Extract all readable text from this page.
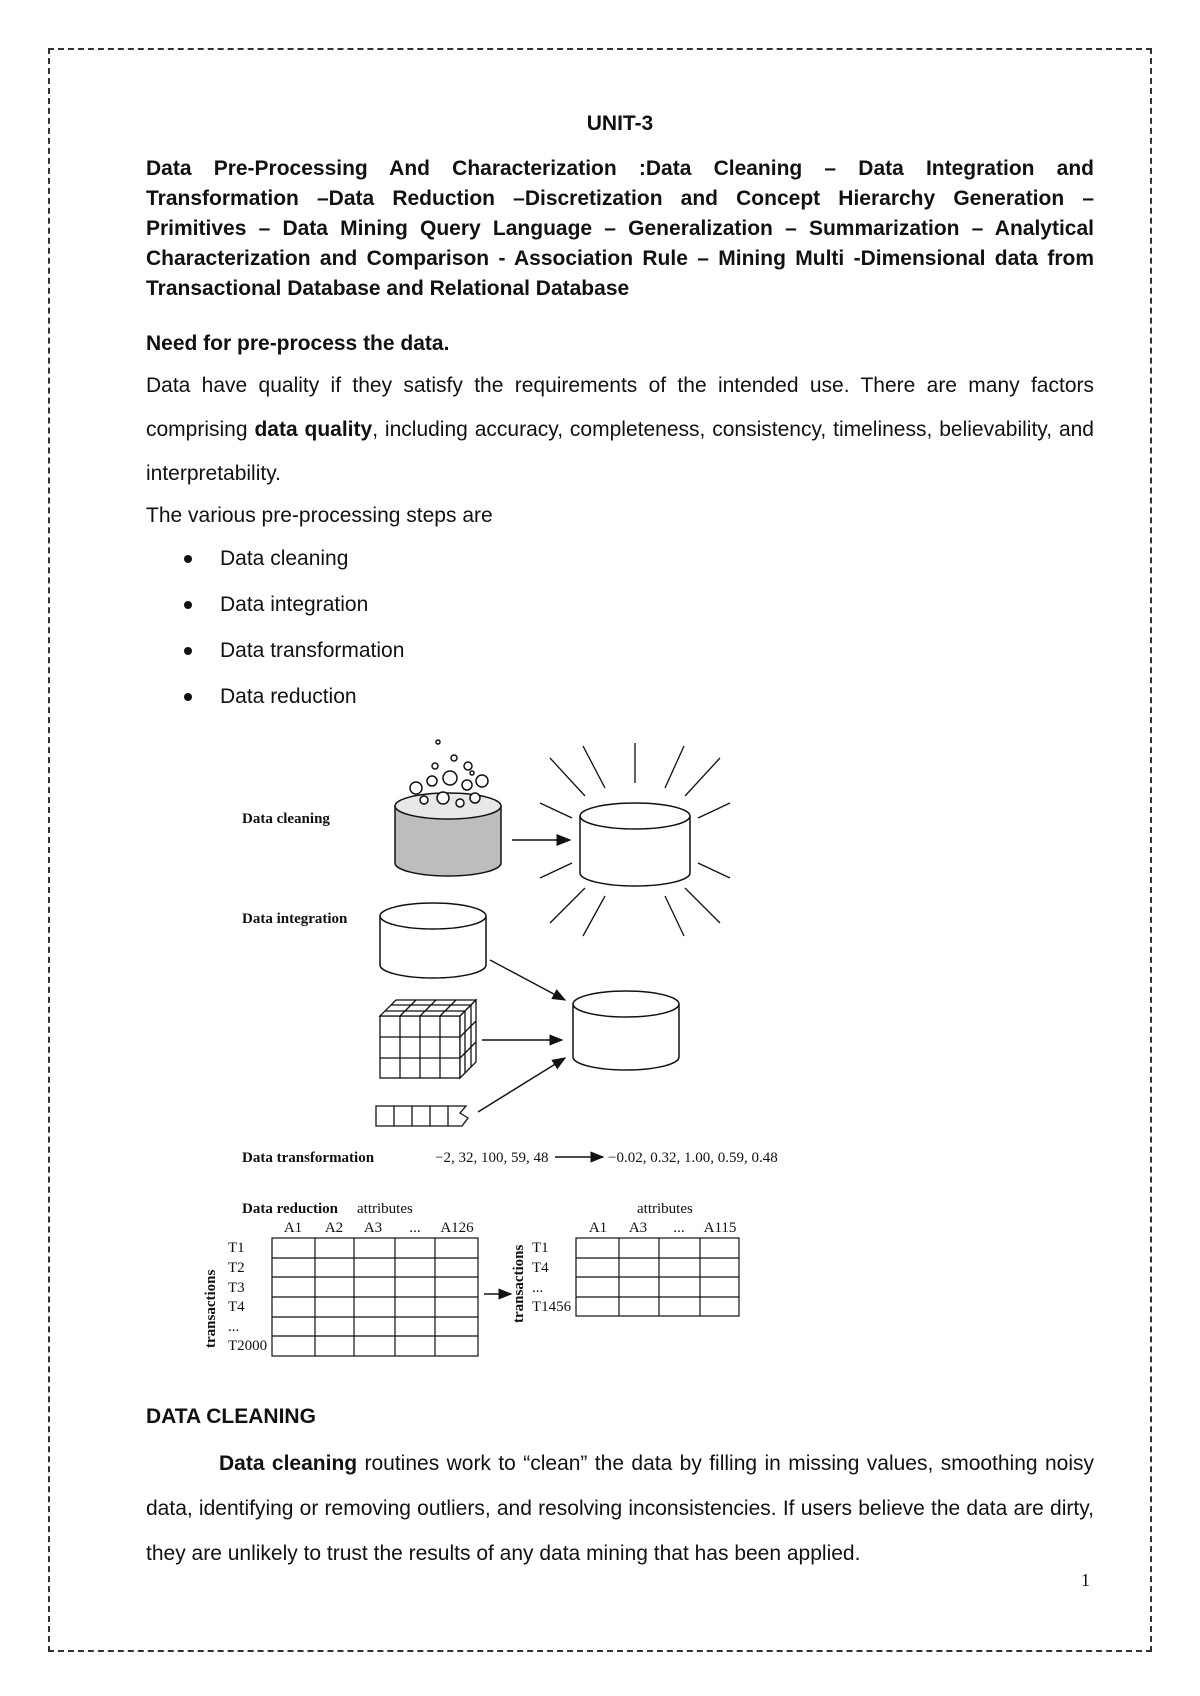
UNIT-3

Data Pre-Processing And Characterization :Data Cleaning – Data Integration and Transformation –Data Reduction –Discretization and Concept Hierarchy Generation – Primitives – Data Mining Query Language – Generalization – Summarization – Analytical Characterization and Comparison - Association Rule – Mining Multi -Dimensional data from Transactional Database and Relational Database

Need for pre-process the data.

Data have quality if they satisfy the requirements of the intended use. There are many factors comprising data quality, including accuracy, completeness, consistency, timeliness, believability, and interpretability.

The various pre-processing steps are

Data cleaning
Data integration
Data transformation
Data reduction
Data cleaning
Data integration
Data transformation	−2, 32, 100, 59, 48	−0.02, 0.32, 1.00, 0.59, 0.48
Data reduction attributes	attributes
A1 A2 A3 ... A126
T1
T2
T3
T4
...
T2000
transactions
A1 A3 ... A115
T1
T4
...
T1456
transactions
DATA CLEANING

Data cleaning routines work to “clean” the data by filling in missing values, smoothing noisy data, identifying or removing outliers, and resolving inconsistencies. If users believe the data are dirty, they are unlikely to trust the results of any data mining that has been applied.

1
